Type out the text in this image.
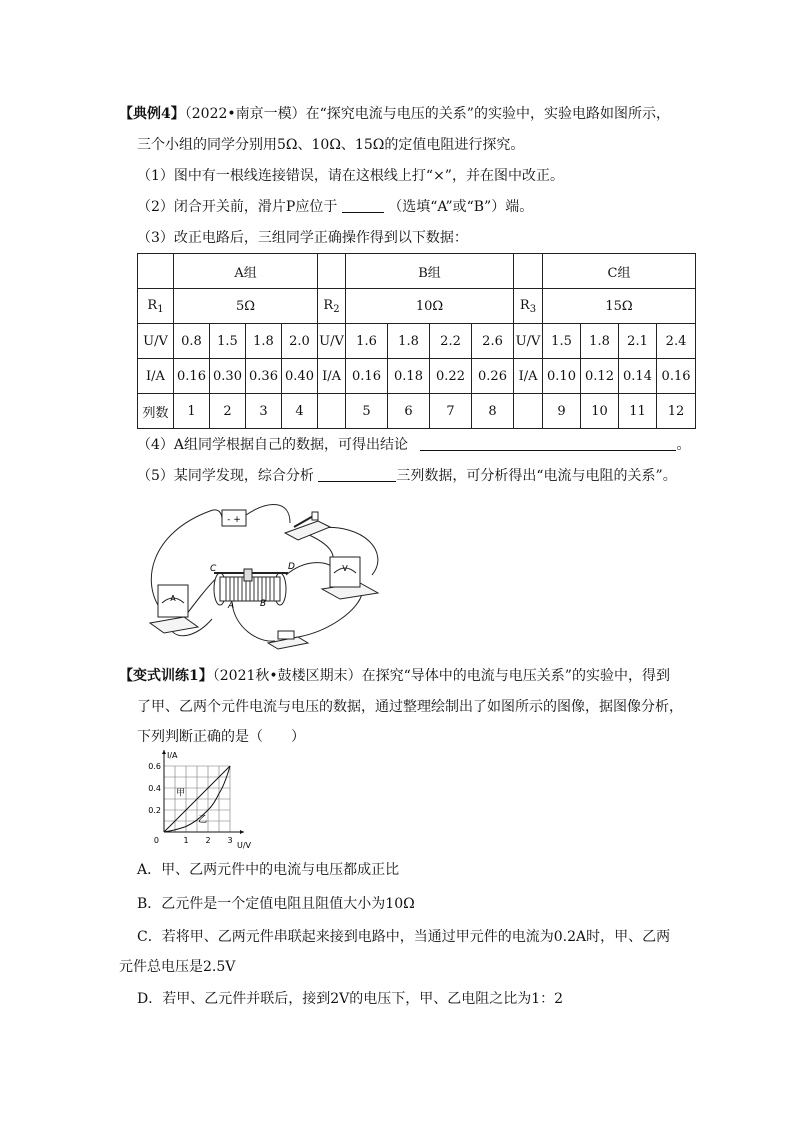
【典例4】（2022•南京一模）在“探究电流与电压的关系”的实验中，实验电路如图所示，
三个小组的同学分别用5Ω、10Ω、15Ω的定值电阻进行探究。
（1）图中有一根线连接错误，请在这根线上打“×”，并在图中改正。
（2）闭合开关前，滑片P应位于	（选填“A”或“B”）端。
（3）改正电路后，三组同学正确操作得到以下数据：
	A组					B组					C组			
$R_1$	5Ω				$R_2$	10Ω				$R_3$	15Ω			
U/V	0.8	1.5	1.8	2.0	U/V	1.6	1.8	2.2	2.6	U/V	1.5	1.8	2.1	2.4
I/A	0.16	0.30	0.36	0.40	I/A	0.16	0.18	0.22	0.26	I/A	0.10	0.12	0.14	0.16
列数	1	2	3	4		5	6	7	8		9	10	11	12
（4）A组同学根据自己的数据，可得出结论	。
（5）某同学发现，综合分析	三列数据，可分析得出“电流与电阻的关系”。
- +
V
A
C	D
A	B
【变式训练1】（2021秋•鼓楼区期末）在探究“导体中的电流与电压关系”的实验中，得到
了甲、乙两个元件电流与电压的数据，通过整理绘制出了如图所示的图像，据图像分析，
下列判断正确的是（　　）
甲
乙
1 2 3
0.2
0.4
0.6
0
I/A
U/V
A．甲、乙两元件中的电流与电压都成正比
B．乙元件是一个定值电阻且阻值大小为10Ω
C．若将甲、乙两元件串联起来接到电路中，当通过甲元件的电流为0.2A时，甲、乙两
元件总电压是2.5V
D．若甲、乙元件并联后，接到2V的电压下，甲、乙电阻之比为1：2
